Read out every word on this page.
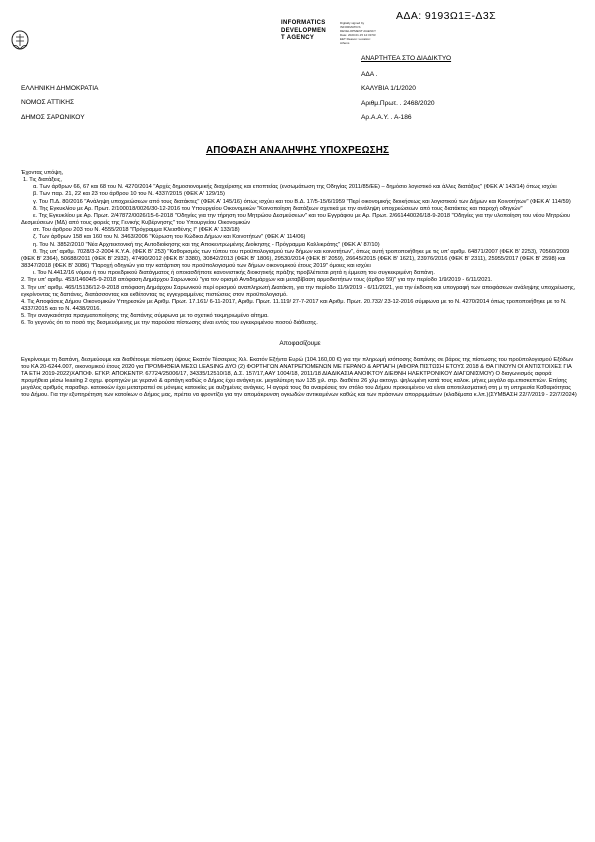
ΑΔΑ: 9193Ω1Ξ-Δ3Σ
INFORMATICS
DEVELOPMEN
T AGENCY
Digitally signed by INFORMATICS DEVELOPMENT AGENCY Date: 2020.01.15 12:33:53 EET Reason: Location: Athens
ΑΝΑΡΤΗΤΕΑ ΣΤΟ ΔΙΑΔΙΚΤΥΟ
ΕΛΛΗΝΙΚΗ ΔΗΜΟΚΡΑΤΙΑ
ΝΟΜΟΣ ΑΤΤΙΚΗΣ
ΔΗΜΟΣ ΣΑΡΩΝΙΚΟΥ
ΑΔΑ .
ΚΑΛΥΒΙΑ 1/1/2020
Αριθμ.Πρωτ. . 2468/2020
Αρ.Α.Α.Υ. . Α-186
ΑΠΟΦΑΣΗ ΑΝΑΛΗΨΗΣ ΥΠΟΧΡΕΩΣΗΣ

Έχοντας υπόψη,

1. Τις διατάξεις,

α. Των άρθρων 66, 67 και 68 του Ν. 4270/2014 "Αρχές δημοσιονομικής διαχείρισης και εποπτείας (ενσωμάτωση της Οδηγίας 2011/85/ΕΕ) – δημόσιο λογιστικό και άλλες διατάξεις" (ΦΕΚ Α' 143/14) όπως ισχύει

β. Των παρ. 21, 22 και 23 του άρθρου 10 του Ν. 4337/2015 (ΦΕΚ Α' 129/15)

γ. Του Π.Δ. 80/2016 "Ανάληψη υποχρεώσεων από τους διατάκτες" (ΦΕΚ Α' 145/16) όπως ισχύει και του Β.Δ. 17/5-15/6/1959 "Περί οικονομικής διοικήσεως και λογιστικού των Δήμων και Κοινοτήτων" (ΦΕΚ Α' 114/59)

δ. Της Εγκυκλίου με Αρ. Πρωτ. 2/100018/0026/30-12-2016 του Υπουργείου Οικονομικών "Κοινοποίηση διατάξεων σχετικά με την ανάληψη υποχρεώσεων από τους διατάκτες και παροχή οδηγιών"

ε. Της Εγκυκλίου με Αρ. Πρωτ. 2/47872/0026/15-6-2018 "Οδηγίες για την τήρηση του Μητρώου Δεσμεύσεων" και του Εγγράφου με Αρ. Πρωτ. 2/661440026/18-9-2018 "Οδηγίες για την υλοποίηση του νέου Μητρώου Δεσμεύσεων (ΜΔ) από τους φορείς της Γενικής Κυβέρνησης" του Υπουργείου Οικονομικών

στ. Του άρθρου 203 του Ν. 4555/2018 "Πρόγραμμα Κλεισθένης Ι" (ΦΕΚ Α' 133/18)

ζ. Των άρθρων 158 και 160 του Ν. 3463/2006 "Κύρωση του Κώδικα Δήμων και Κοινοτήτων" (ΦΕΚ Α' 114/06)

η. Του Ν. 3852/2010 "Νέα Αρχιτεκτονική της Αυτοδιοίκησης και της Αποκεντρωμένης Διοίκησης - Πρόγραμμα Καλλικράτης" (ΦΕΚ Α' 87/10)

θ. Της υπ' αριθμ. 7028/3-2-2004 Κ.Υ.Α. (ΦΕΚ Β' 253) "Καθορισμός των τύπου του προϋπολογισμού των δήμων και κοινοτήτων", όπως αυτή τροποποιήθηκε με τις υπ' αριθμ. 64871/2007 (ΦΕΚ Β' 2253), 70560/2009 (ΦΕΚ Β' 2364), 50688/2011 (ΦΕΚ Β' 2932), 47490/2012 (ΦΕΚ Β' 3380), 30842/2013 (ΦΕΚ Β' 1806), 29530/2014 (ΦΕΚ Β' 2059), 26645/2015 (ΦΕΚ Β' 1621), 23976/2016 (ΦΕΚ Β' 2311), 25955/2017 (ΦΕΚ Β' 2598) και 38347/2018 (ΦΕΚ Β' 3086) "Παροχή οδηγιών για την κατάρτιση του προϋπολογισμού των δήμων οικονομικού έτους 2019" όμοιες και ισχύει

ι. Του Ν.4412/16 νόμου ή του προεδρικού διατάγματος ή οποιασδήποτε κανονιστικής διοικητικής πράξης προβλέπεται ρητά η έμμεση του συγκεκριμένη δαπάνη.

2. Την υπ' αριθμ. 453/14604/5-9-2018 απόφαση Δημάρχου Σαρωνικού "για τον ορισμό Αντιδημάρχων και μεταβίβαση αρμοδιοτήτων τους (άρθρο 59)" για την περίοδο 1/9/2019 - 6/11/2021.

3. Την υπ' αριθμ. 465/15136/12-9-2018 απόφαση Δημάρχου Σαρωνικού περί ορισμού αναπληρωτή Διατάκτη, για την περίοδο 11/9/2019 - 6/11/2021, για την έκδοση και υπογραφή των αποφάσεων ανάληψης υποχρέωσης, εγκρίνοντας τις δαπάνες, διατάσσοντας και εκθέτοντας τις εγγεγραμμένες πιστώσεις στον προϋπολογισμό.

4. Τις Αποφάσεις Δήμου Οικονομικών Υπηρεσιών με Αριθμ. Πρωτ. 17.161/ 6-11-2017, Αριθμ. Πρωτ. 11.119/ 27-7-2017 και Αριθμ. Πρωτ. 20.732/ 23-12-2016 σύμφωνα με το Ν. 4270/2014 όπως τροποποιήθηκε με το Ν. 4337/2015 και το Ν. 4438/2016.

5. Την αναγκαιότητα πραγματοποίησης της δαπάνης σύμφωνα με το σχετικό τεκμηριωμένο αίτημα.

6. Το γεγονός ότι το ποσό της δεσμευόμενης με την παρούσα πίστωσης είναι εντός του εγκεκριμένου ποσού διάθεσης.

Αποφασίζουμε

Εγκρίνουμε τη δαπάνη, δεσμεύουμε και διαθέτουμε πίστωση ύψους Εκατόν Τέσσερεις Χιλ. Εκατόν Εξήντα Ευρώ (104.160,00 €) για την πληρωμή ισόποσης δαπάνης σε βάρος της πίστωσης του προϋπολογισμού Εξόδων του ΚΑ 20-6244.007, οικονομικού έτους 2020 για ΠΡΟΜΗΘΕΙΑ ΜΕΣΩ LEASING ΔΥΟ (2) ΦΟΡΤΗΓΩΝ ΑΝΑΤΡΕΠΟΜΕΝΩΝ ΜΕ ΓΕΡΑΝΟ & ΑΡΠΑΓΗ (ΑΦΟΡΑ ΠΙΣΤΩΣΗ ΕΤΟΥΣ 2018 & ΘΑ ΓΙΝΟΥΝ ΟΙ ΑΝΤΙΣΤΟΙΧΕΣ ΓΙΑ ΤΑ ΕΤΗ 2019-2022)ΧΑΠΟΦ. ΕΓΚΡ. ΑΠΟΚΕΝΤΡ. 67724/25006/17, 34335/12510/18, Δ.Σ. 157/17,ΑΑΥ 1004/18, 2011/18 ΔΙΑΔΙΚΑΣΙΑ ΑΝΟΙΚΤΟΥ ΔΙΕΘΝΗ ΗΛΕΚΤΡΟΝΙΚΟΥ ΔΙΑΓΩΝΙΣΜΟΥ) Ο διαγωνισμός αφορά προμήθεια μέσω leasing 2 οχημ. φορτηγών με γερανό & αρπάγη καθώς ο Δήμος έχει ανάγκη εκ. μεγαλύτερη των 135 χιλ. στρ. διαθέτει 26 χλμ ακτογρ. ψηλωμένη κατά τους καλοκ. μήνες μεγάλο αρ.επισκεπτών. Επίσης μεγάλος αριθμός παραθερ. κατοικιών έχει μετατραπεί σε μόνιμες κατοικίες με αυξημένες ανάγκες. Η αγορά τους θα αναιρέσεις τον στόλο του Δήμου προκειμένου να είναι αποτελεσματική στη μ τη υπηρεσία Καθαριότητας του Δήμου. Για την εξυπηρέτηση των κατοίκων ο Δήμος μας, πρέπει να φροντίζει για την απομάκρυνση ογκωδών αντικειμένων καθώς και των πράσινων απορριμμάτων (κλαδέματα κ.λπ.)(ΣΥΜΒΑΣΗ 22/7/2019 - 22/7/2024)
